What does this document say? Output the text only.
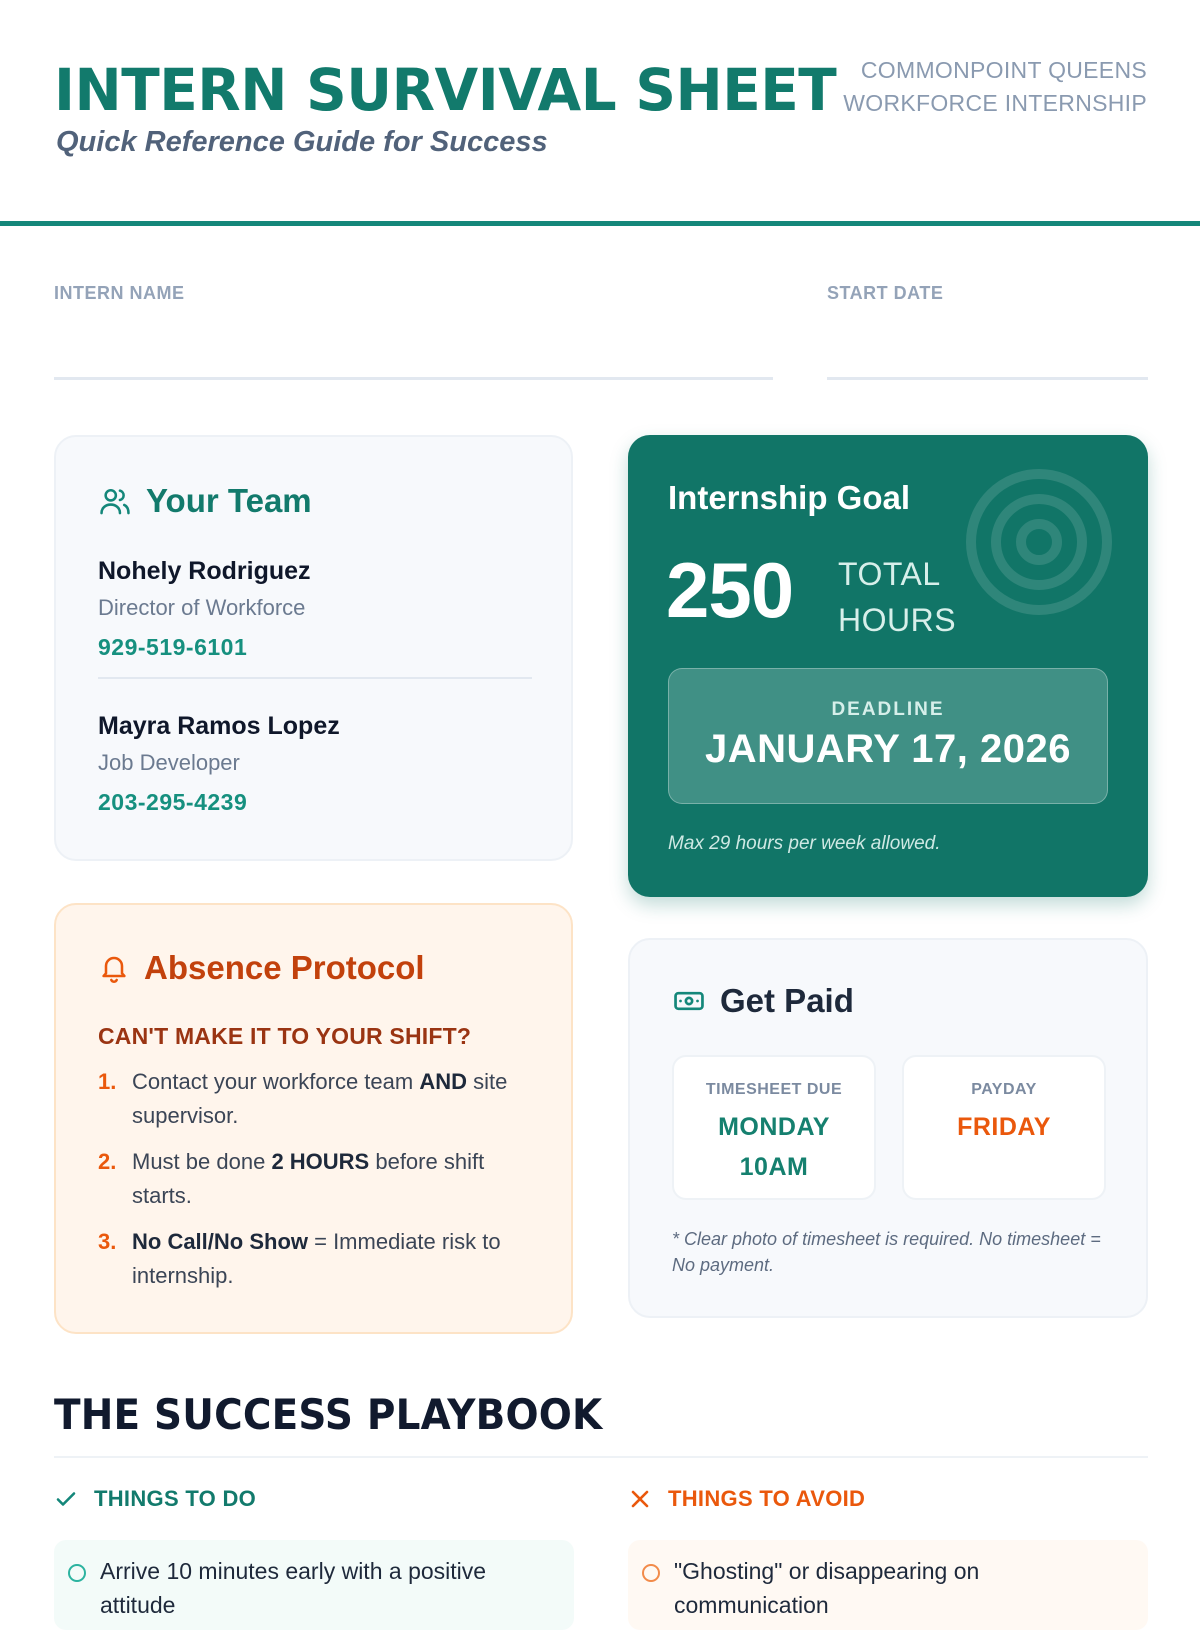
INTERN SURVIVAL SHEET
Quick Reference Guide for Success
COMMONPOINT QUEENS
WORKFORCE INTERNSHIP
INTERN NAME	START DATE
Your Team
Nohely Rodriguez
Director of Workforce
929-519-6101
Mayra Ramos Lopez
Job Developer
203-295-4239
Internship Goal
250 TOTAL
HOURS
DEADLINE
JANUARY 17, 2026
Max 29 hours per week allowed.
Absence Protocol
CAN'T MAKE IT TO YOUR SHIFT?
1. Contact your workforce team AND site supervisor.
2. Must be done 2 HOURS before shift starts.
3. No Call/No Show = Immediate risk to internship.
Get Paid
TIMESHEET DUE
MONDAY
10AM
PAYDAY
FRIDAY
* Clear photo of timesheet is required. No timesheet = No payment.
THE SUCCESS PLAYBOOK
THINGS TO DO	THINGS TO AVOID
Arrive 10 minutes early with a positive attitude
"Ghosting" or disappearing on communication
